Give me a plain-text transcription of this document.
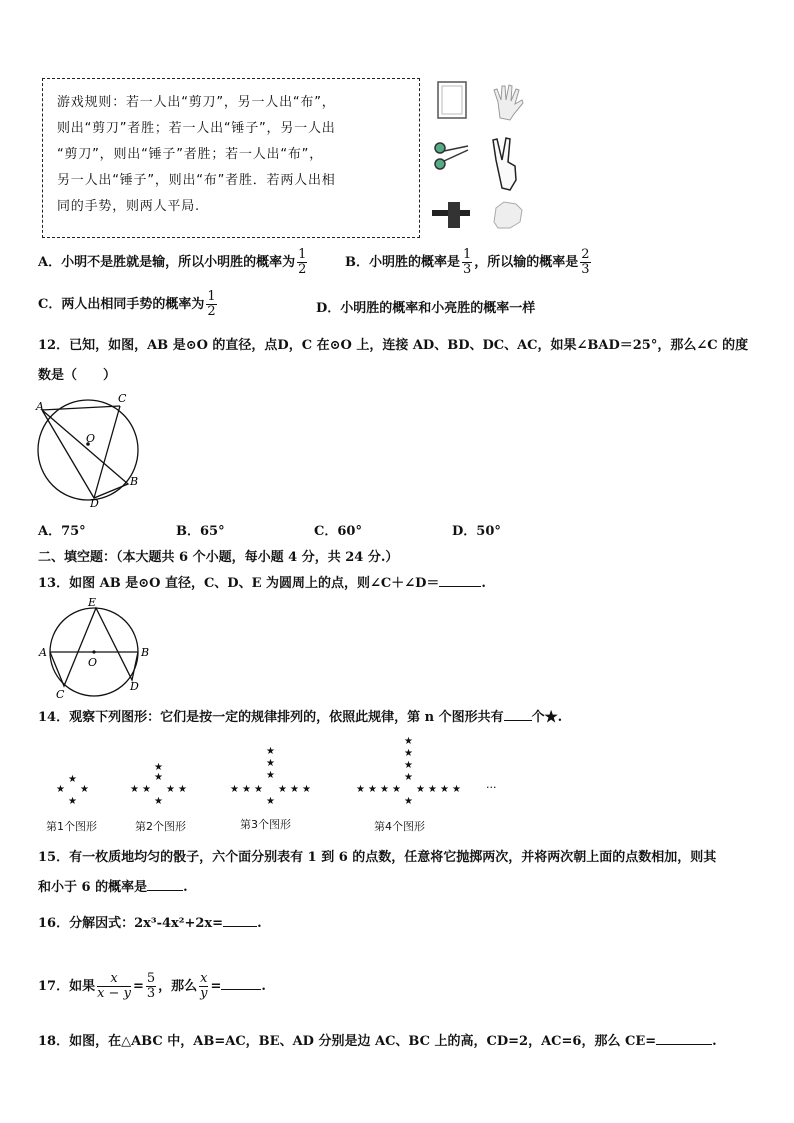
游戏规则：若一人出“剪刀”，另一人出“布”，
则出“剪刀”者胜；若一人出“锤子”，另一人出
“剪刀”，则出“锤子”者胜；若一人出“布”，
另一人出“锤子”，则出“布”者胜．若两人出相
同的手势，则两人平局.
A．小明不是胜就是输，所以小明胜的概率为 $\frac{1}{2}$	B．小明胜的概率是 $\frac{1}{3}$ ，所以输的概率是 $\frac{2}{3}$
C．两人出相同手势的概率为 $\frac{1}{2}$	D．小明胜的概率和小亮胜的概率一样
12．已知，如图，AB 是⊙O 的直径，点D，C 在⊙O 上，连接 AD、BD、DC、AC，如果∠BAD＝25°，那么∠C 的度
数是（　　）
A
C
O
D
B
A．75°	B．65°	C．60°	D．50°
二、填空题：（本大题共 6 个小题，每小题 4 分，共 24 分.）
13．如图 AB 是⊙O 直径，C、D、E 为圆周上的点，则∠C＋∠D＝	.
E
A
O
B
C
D
14．观察下列图形：它们是按一定的规律排列的，依照此规律，第 n 个图形共有 个★.
★
★ ★
★
★
★
★ ★ ★ ★
★
★
★
★
★ ★ ★ ★ ★ ★
★
★
★
★
★
★ ★ ★ ★ ★ ★ ★ ★
★
···
第1个图形	第2个图形	第3个图形	第4个图形
15．有一枚质地均匀的骰子，六个面分别表有 1 到 6 的点数，任意将它抛掷两次，并将两次朝上面的点数相加，则其
和小于 6 的概率是	.
16．分解因式：2x³-4x²+2x=	.
17．如果 $\frac{x}{x - y} = \frac{5}{3}$ ，那么 $\frac{x}{y}$ =	.
18．如图，在△ABC 中，AB=AC，BE、AD 分别是边 AC、BC 上的高，CD=2，AC=6，那么 CE=	.
